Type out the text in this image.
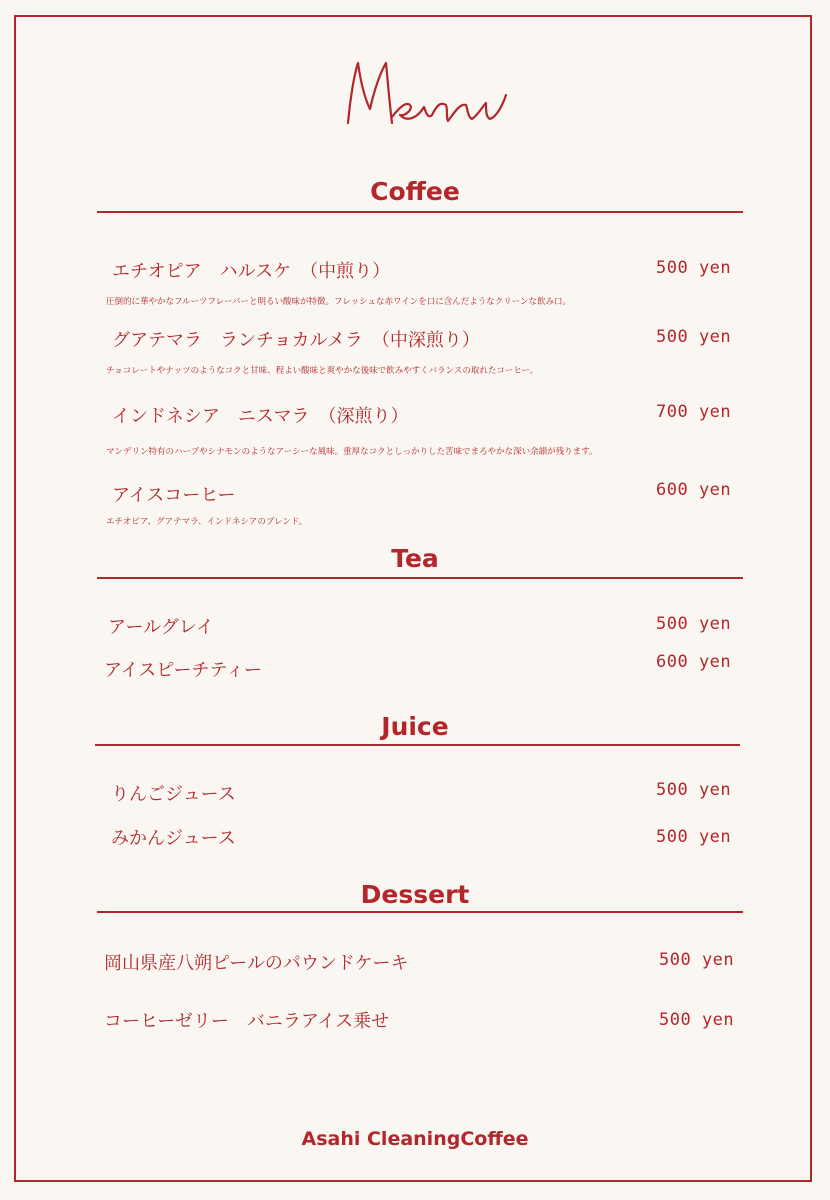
Coffee
エチオピア　ハルスケ　（中煎り）	500 yen
圧倒的に華やかなフルーツフレーバーと明るい酸味が特徴。フレッシュな赤ワインを口に含んだようなクリーンな飲み口。
グアテマラ　ランチョカルメラ　（中深煎り）	500 yen
チョコレートやナッツのようなコクと甘味、程よい酸味と爽やかな後味で飲みやすくバランスの取れたコーヒー。
インドネシア　ニスマラ　（深煎り）	700 yen
マンデリン特有のハーブやシナモンのようなアーシーな風味。重厚なコクとしっかりした苦味でまろやかな深い余韻が残ります。
アイスコーヒー	600 yen
エチオピア、グアテマラ、インドネシアのブレンド。
Tea
アールグレイ	500 yen
アイスピーチティー	600 yen
Juice
りんごジュース	500 yen
みかんジュース	500 yen
Dessert
岡山県産八朔ピールのパウンドケーキ	500 yen
コーヒーゼリー　バニラアイス乗せ	500 yen
Asahi CleaningCoffee
